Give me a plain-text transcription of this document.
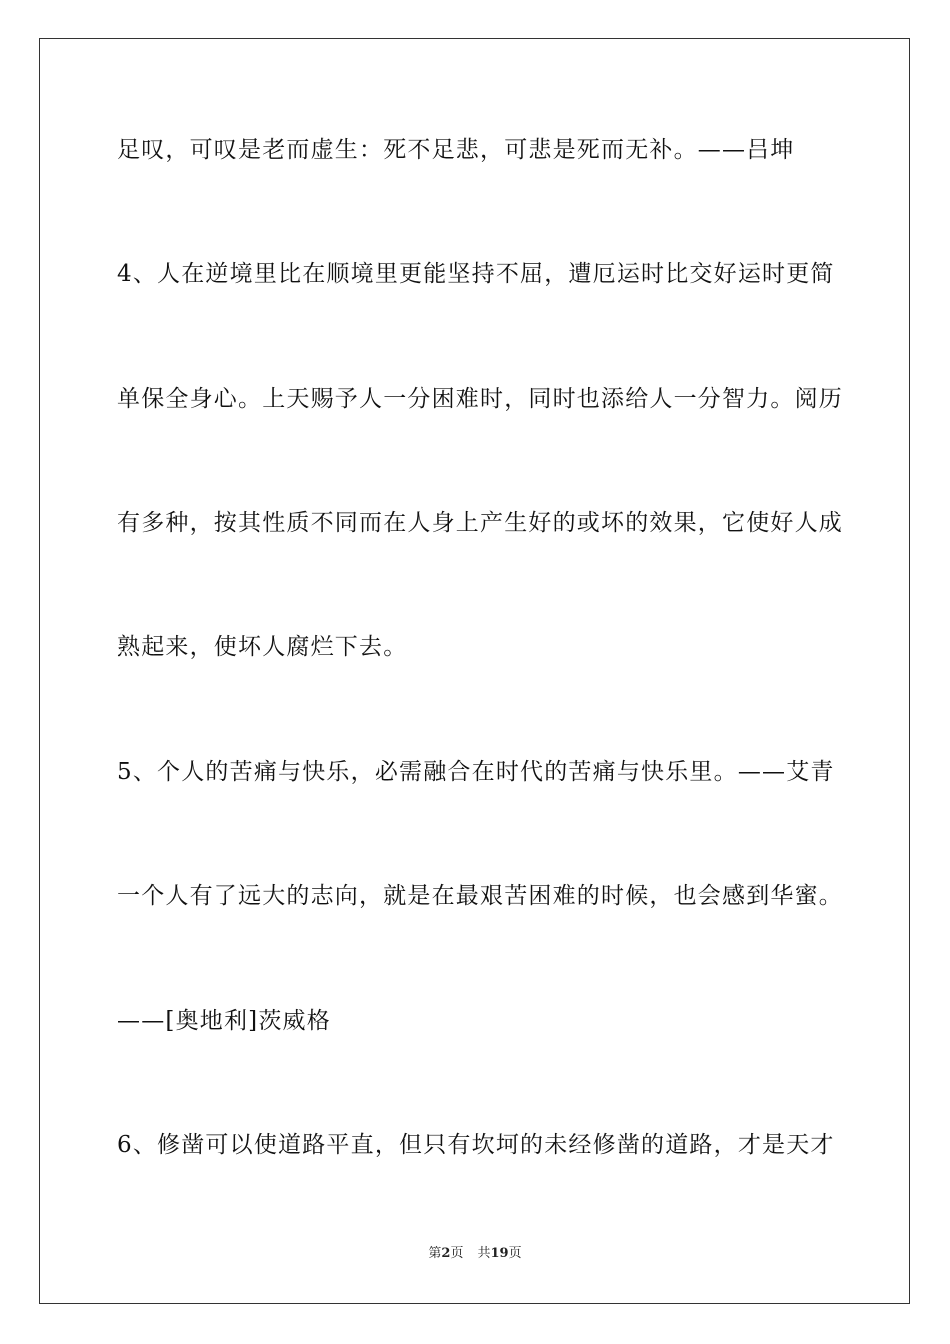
足叹，可叹是老而虚生：死不足悲，可悲是死而无补。——吕坤
4、人在逆境里比在顺境里更能坚持不屈，遭厄运时比交好运时更简
单保全身心。上天赐予人一分困难时，同时也添给人一分智力。阅历
有多种，按其性质不同而在人身上产生好的或坏的效果，它使好人成
熟起来，使坏人腐烂下去。
5、个人的苦痛与快乐，必需融合在时代的苦痛与快乐里。——艾青
一个人有了远大的志向，就是在最艰苦困难的时候，也会感到华蜜。
——[奥地利]茨威格
6、修凿可以使道路平直，但只有坎坷的未经修凿的道路，才是天才
第2页 共19页
